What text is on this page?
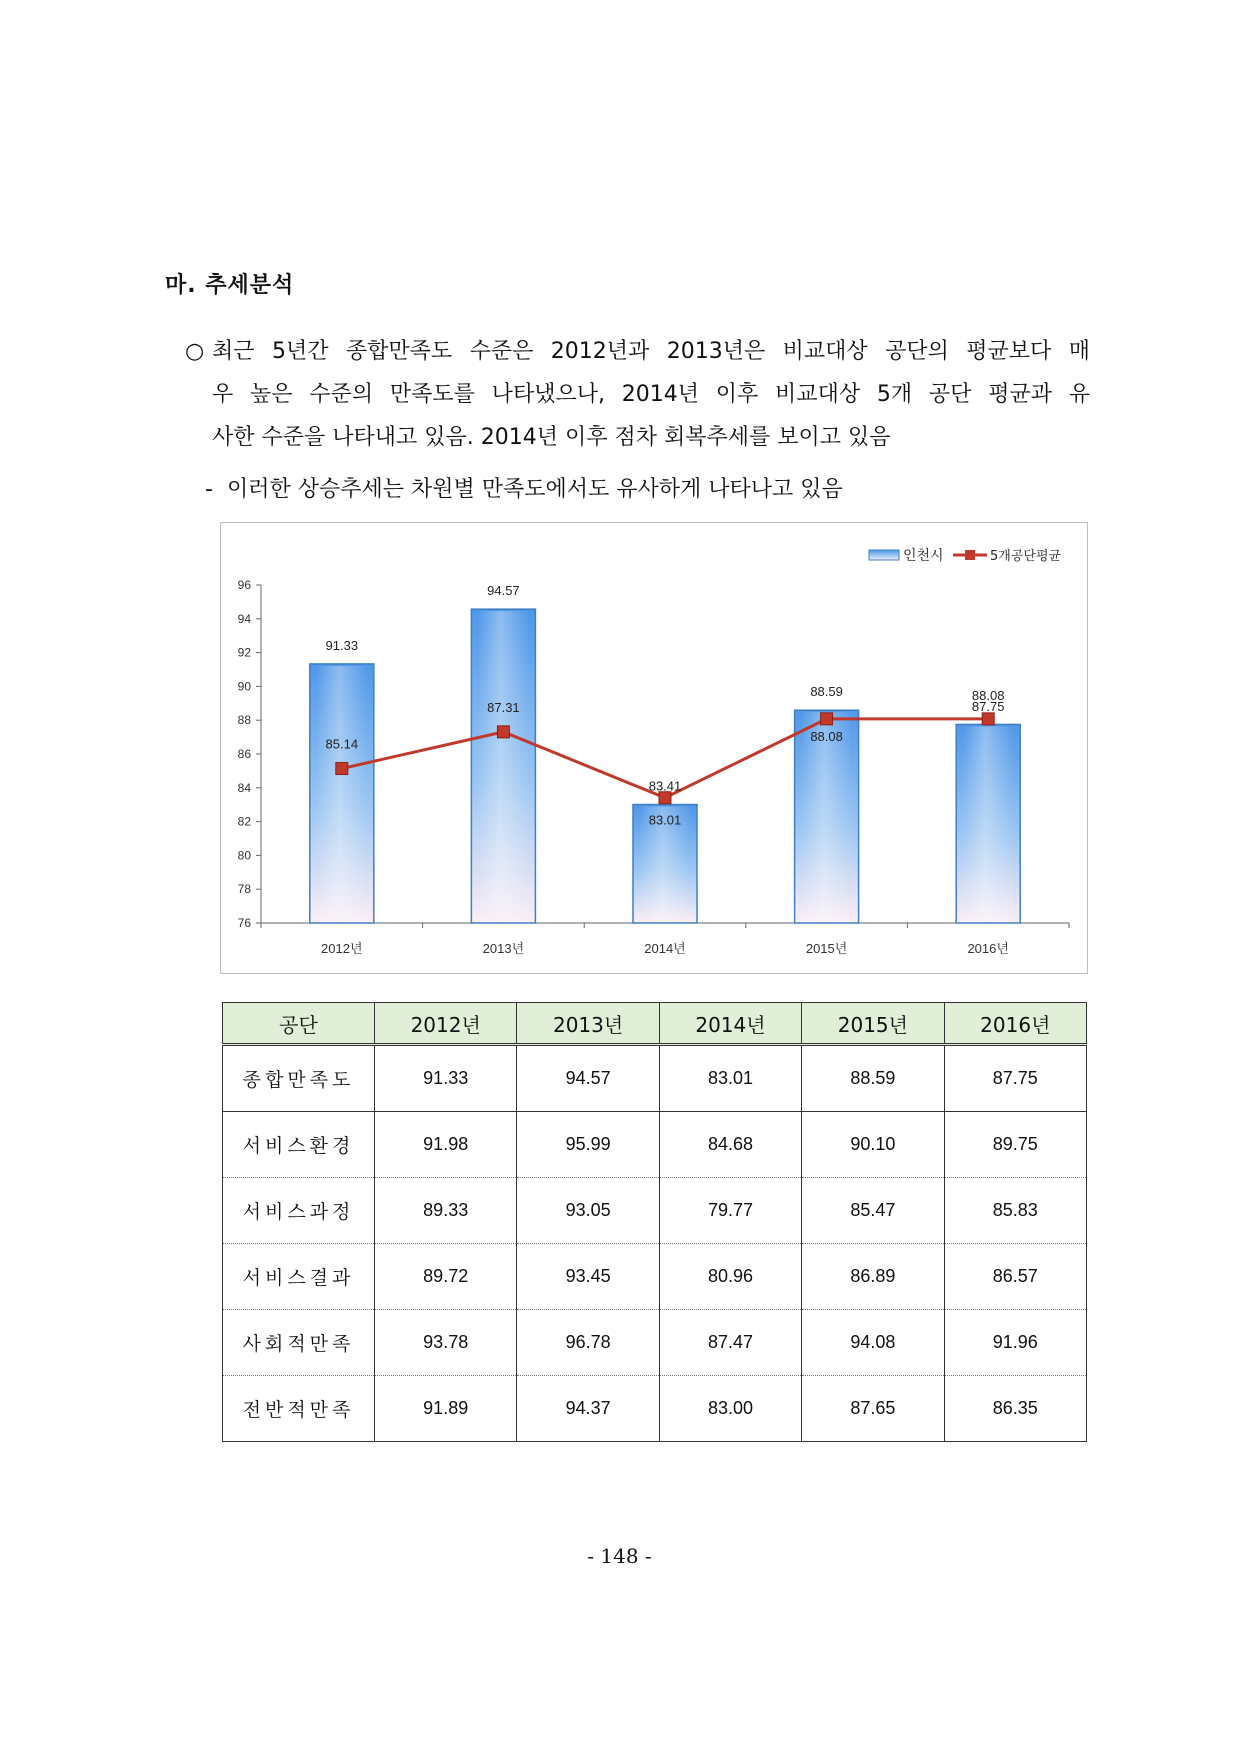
마. 추세분석
○ 최근 5년간 종합만족도 수준은 2012년과 2013년은 비교대상 공단의 평균보다 매
우 높은 수준의 만족도를 나타냈으나, 2014년 이후 비교대상 5개 공단 평균과 유
사한 수준을 나타내고 있음. 2014년 이후 점차 회복추세를 보이고 있음
- 이러한 상승추세는 차원별 만족도에서도 유사하게 나타나고 있음
76
78
80
82
84
86
88
90
92
94
96
2012년	2013년	2014년	2015년	2016년
91.33
94.57
83.01
88.59
87.75
85.14
87.31
83.41
88.08
88.08
인천시	5개공단평균
공단	2012년	2013년	2014년	2015년	2016년
종합만족도	91.33	94.57	83.01	88.59	87.75
서비스환경	91.98	95.99	84.68	90.10	89.75
서비스과정	89.33	93.05	79.77	85.47	85.83
서비스결과	89.72	93.45	80.96	86.89	86.57
사회적만족	93.78	96.78	87.47	94.08	91.96
전반적만족	91.89	94.37	83.00	87.65	86.35
- 148 -
